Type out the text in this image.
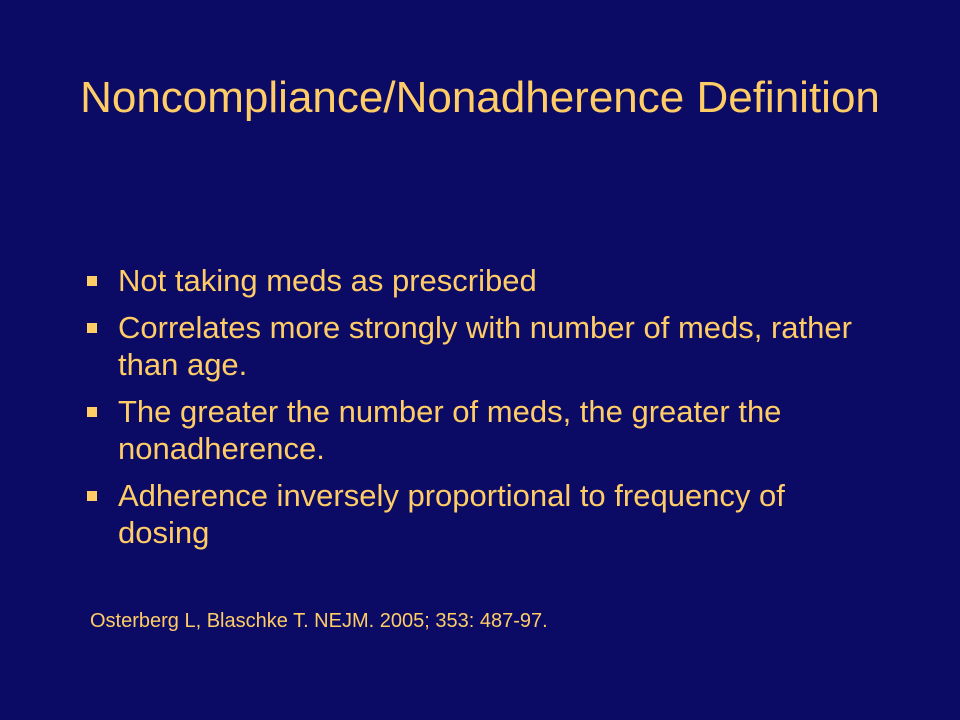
Noncompliance/Nonadherence Definition
Not taking meds as prescribed
Correlates more strongly with number of meds, rather than age.
The greater the number of meds, the greater the nonadherence.
Adherence inversely proportional to frequency of dosing
Osterberg L, Blaschke T. NEJM. 2005; 353: 487-97.
